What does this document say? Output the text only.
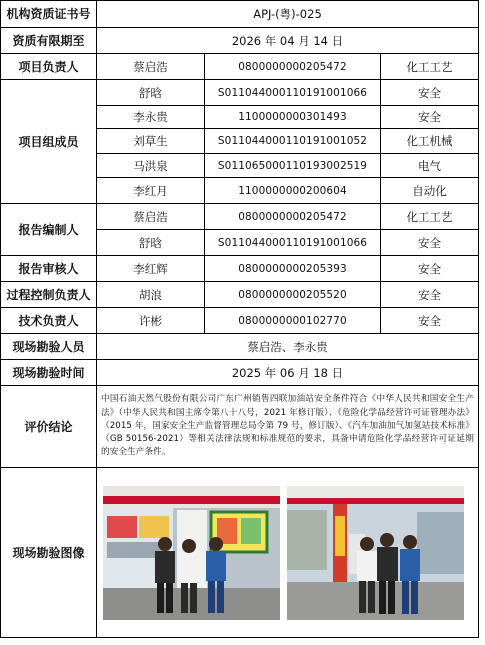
机构资质证书号	APJ-(粤)-025		
资质有限期至	2026 年 04 月 14 日		
项目负责人	蔡启浩	0800000000205472	化工工艺
项目组成员	舒晗	S011044000110191001066	安全
	李永贵	1100000000301493	安全
	刘草生	S011044000110191001052	化工机械
	马洪泉	S011065000110193002519	电气
	李红月	1100000000200604	自动化
报告编制人	蔡启浩	0800000000205472	化工工艺
	舒晗	S011044000110191001066	安全
报告审核人	李红辉	0800000000205393	安全
过程控制负责人	胡浪	0800000000205520	安全
技术负责人	许彬	0800000000102770	安全
现场勘验人员	蔡启浩、李永贵		
现场勘验时间	2025 年 06 月 18 日		
评价结论	中国石油天然气股份有限公司广东广州销售四联加油站安全条件符合《中华人民共和国安全生产法》（中华人民共和国主席令第八十八号，2021 年修订版）、《危险化学品经营许可证管理办法》（2015 年，国家安全生产监督管理总局令第 79 号，修订版）、《汽车加油加气加氢站技术标准》（GB 50156-2021）等相关法律法规和标准规范的要求，具备申请危险化学品经营许可证延期的安全生产条件。		
现场勘验图像	
